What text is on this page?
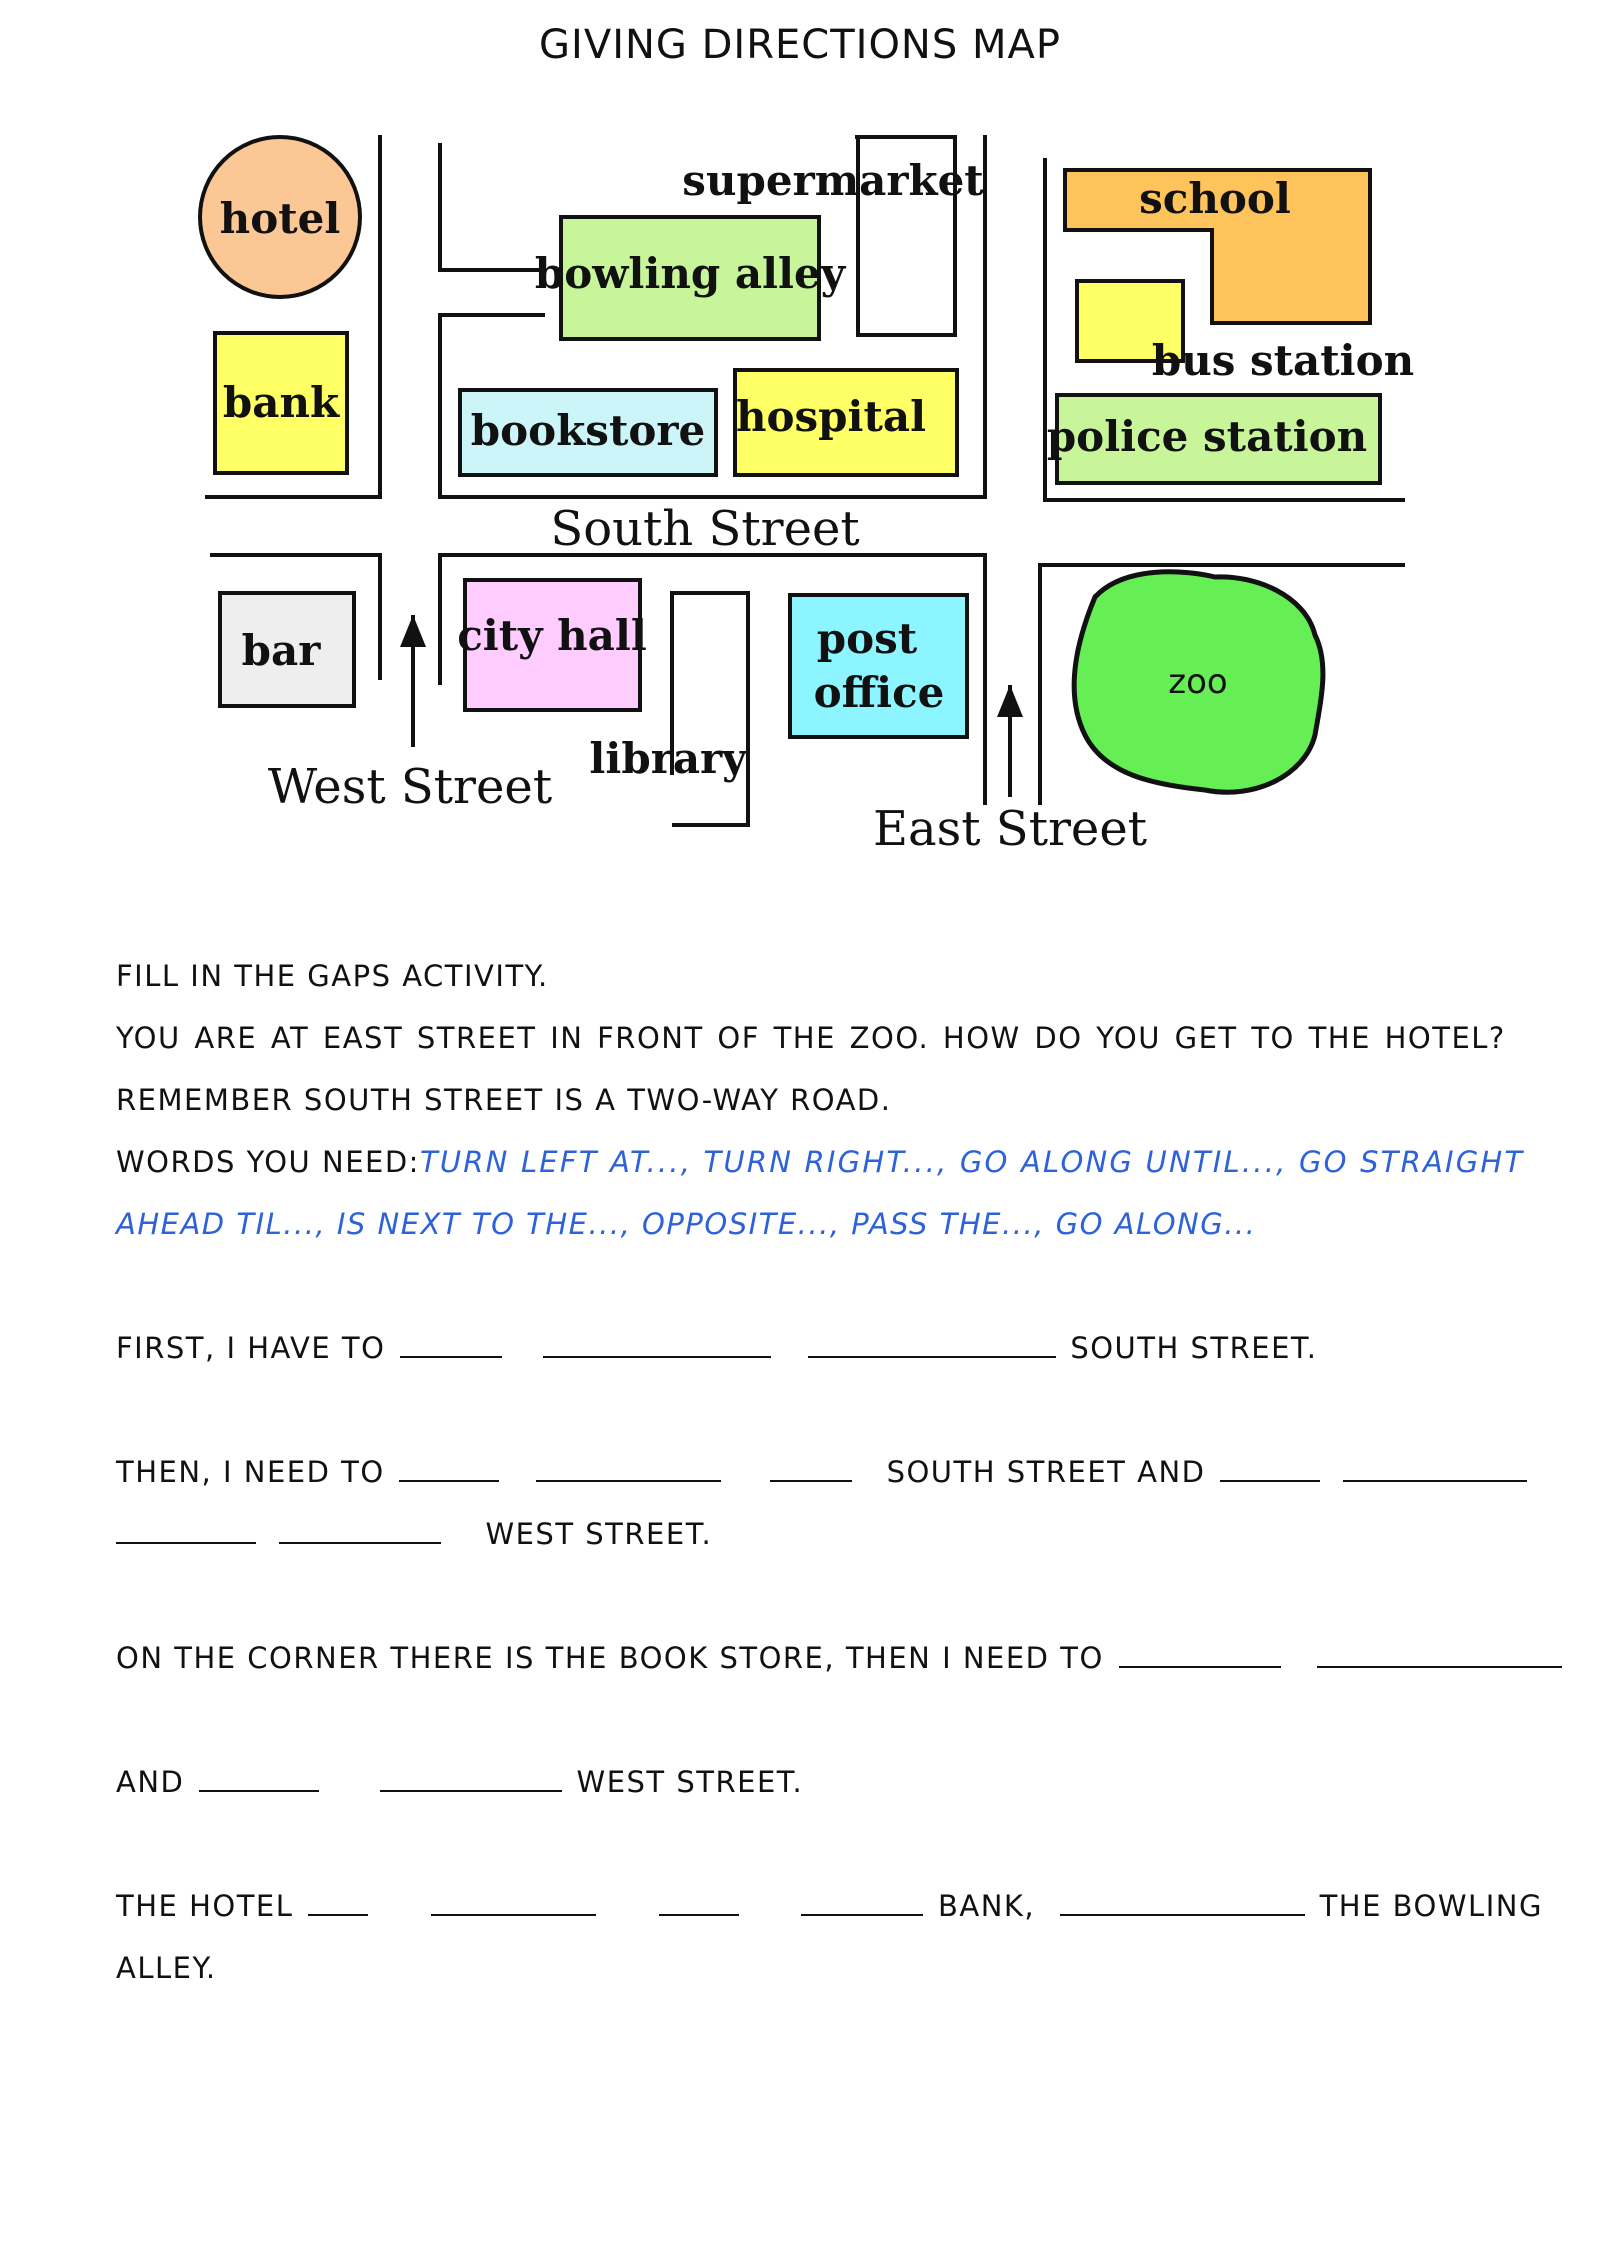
GIVING DIRECTIONS MAP
hotel
bank
bowling alley
supermarket	school
bus station
bookstore hospital	police station
South Street
bar	city hall
library
post
office	zoo
West Street
East Street
FILL IN THE GAPS ACTIVITY.
YOU ARE AT EAST STREET IN FRONT OF THE ZOO. HOW DO YOU GET TO THE HOTEL?
REMEMBER SOUTH STREET IS A TWO-WAY ROAD.
WORDS YOU NEED: TURN LEFT AT..., TURN RIGHT..., GO ALONG UNTIL..., GO STRAIGHT
AHEAD TIL..., IS NEXT TO THE..., OPPOSITE..., PASS THE..., GO ALONG...
FIRST, I HAVE TO	SOUTH STREET.
THEN, I NEED TO	SOUTH STREET AND
WEST STREET.
ON THE CORNER THERE IS THE BOOK STORE, THEN I NEED TO
AND	WEST STREET.
THE HOTEL	BANK,	THE BOWLING
ALLEY.
